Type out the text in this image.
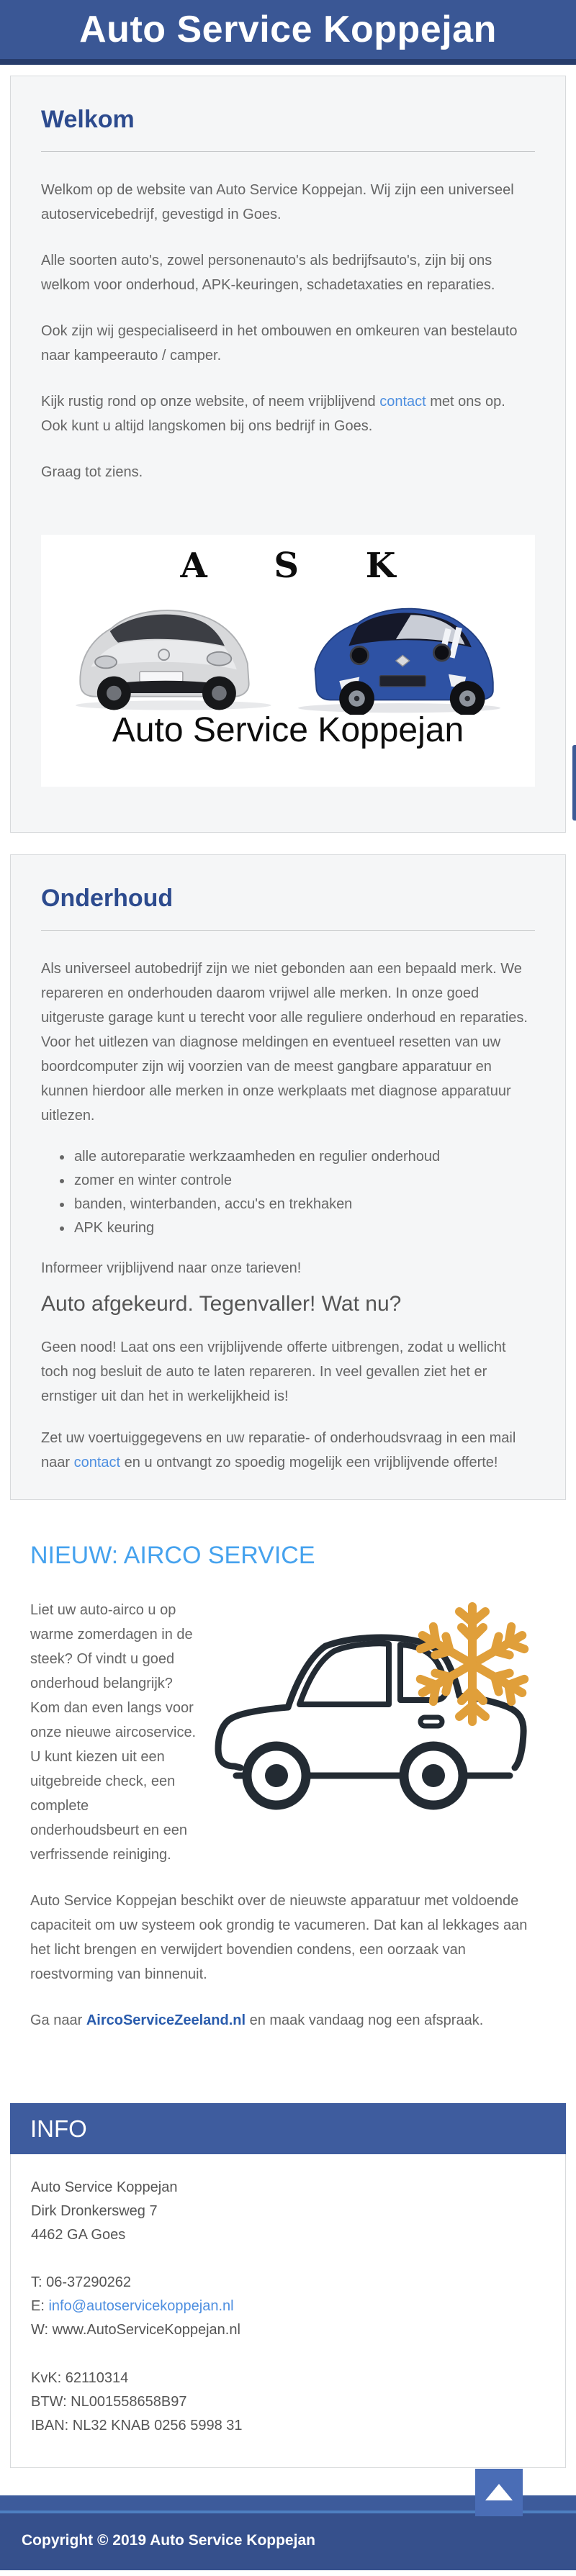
Auto Service Koppejan
Welkom

Welkom op de website van Auto Service Koppejan. Wij zijn een universeel autoservicebedrijf, gevestigd in Goes.

Alle soorten auto's, zowel personenauto's als bedrijfsauto's, zijn bij ons welkom voor onderhoud, APK-keuringen, schadetaxaties en reparaties.

Ook zijn wij gespecialiseerd in het ombouwen en omkeuren van bestelauto naar kampeerauto / camper.

Kijk rustig rond op onze website, of neem vrijblijvend contact met ons op. Ook kunt u altijd langskomen bij ons bedrijf in Goes.

Graag tot ziens.

A S K
Auto Service Koppejan
Onderhoud

Als universeel autobedrijf zijn we niet gebonden aan een bepaald merk. We repareren en onderhouden daarom vrijwel alle merken. In onze goed uitgeruste garage kunt u terecht voor alle reguliere onderhoud en reparaties. Voor het uitlezen van diagnose meldingen en eventueel resetten van uw boordcomputer zijn wij voorzien van de meest gangbare apparatuur en kunnen hierdoor alle merken in onze werkplaats met diagnose apparatuur uitlezen.

• alle autoreparatie werkzaamheden en regulier onderhoud
• zomer en winter controle
• banden, winterbanden, accu's en trekhaken
• APK keuring

Informeer vrijblijvend naar onze tarieven!

Auto afgekeurd. Tegenvaller! Wat nu?

Geen nood! Laat ons een vrijblijvende offerte uitbrengen, zodat u wellicht toch nog besluit de auto te laten repareren. In veel gevallen ziet het er ernstiger uit dan het in werkelijkheid is!

Zet uw voertuiggegevens en uw reparatie- of onderhoudsvraag in een mail naar contact en u ontvangt zo spoedig mogelijk een vrijblijvende offerte!

NIEUW: AIRCO SERVICE

Liet uw auto-airco u op warme zomerdagen in de steek? Of vindt u goed onderhoud belangrijk? Kom dan even langs voor onze nieuwe aircoservice. U kunt kiezen uit een uitgebreide check, een complete onderhoudsbeurt en een verfrissende reiniging.

Auto Service Koppejan beschikt over de nieuwste apparatuur met voldoende capaciteit om uw systeem ook grondig te vacumeren. Dat kan al lekkages aan het licht brengen en verwijdert bovendien condens, een oorzaak van roestvorming van binnenuit.

Ga naar AircoServiceZeeland.nl en maak vandaag nog een afspraak.

INFO

Auto Service Koppejan

Dirk Dronkersweg 7

4462 GA Goes

T: 06-37290262

E: info@autoservicekoppejan.nl

W: www.AutoServiceKoppejan.nl

KvK: 62110314

BTW: NL001558658B97

IBAN: NL32 KNAB 0256 5998 31

Copyright © 2019 Auto Service Koppejan
